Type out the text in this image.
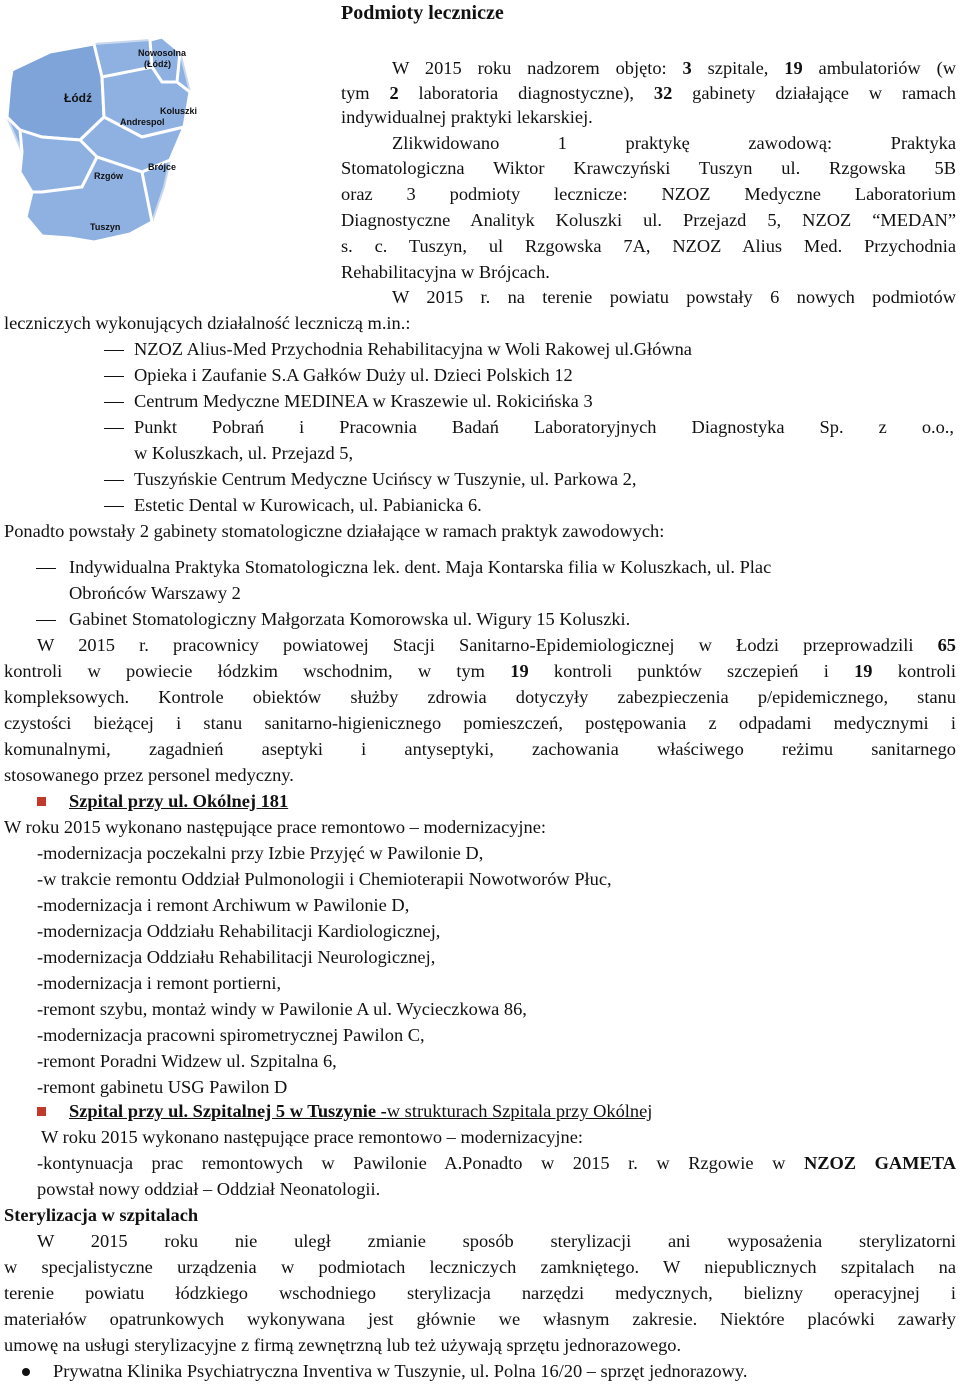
Podmioty lecznicze
Łódź
Nowosolna
(Łódź)
Andrespol
Koluszki
Brójce
Rzgów
Tuszyn
W 2015 roku nadzorem objęto: 3 szpitale, 19 ambulatoriów (w
tym 2 laboratoria diagnostyczne), 32 gabinety działające w ramach
indywidualnej praktyki lekarskiej.
Zlikwidowano 1 praktykę zawodową: Praktyka
Stomatologiczna Wiktor Krawczyński Tuszyn ul. Rzgowska 5B
oraz 3 podmioty lecznicze: NZOZ Medyczne Laboratorium
Diagnostyczne Analityk Koluszki ul. Przejazd 5, NZOZ “MEDAN”
s. c. Tuszyn, ul Rzgowska 7A, NZOZ Alius Med. Przychodnia
Rehabilitacyjna w Brójcach.
W 2015 r. na terenie powiatu powstały 6 nowych podmiotów
leczniczych wykonujących działalność leczniczą m.in.:
NZOZ Alius-Med Przychodnia Rehabilitacyjna w Woli Rakowej ul.Główna
Opieka i Zaufanie S.A Gałków Duży ul. Dzieci Polskich 12
Centrum Medyczne MEDINEA w Kraszewie ul. Rokicińska 3
Punkt Pobrań i Pracownia Badań Laboratoryjnych Diagnostyka Sp. z o.o.,
w Koluszkach, ul. Przejazd 5,
Tuszyńskie Centrum Medyczne Ucińscy w Tuszynie, ul. Parkowa 2,
Estetic Dental w Kurowicach, ul. Pabianicka 6.
Ponadto powstały 2 gabinety stomatologiczne działające w ramach praktyk zawodowych:
Indywidualna Praktyka Stomatologiczna lek. dent. Maja Kontarska filia w Koluszkach, ul. Plac
Obrońców Warszawy 2
Gabinet Stomatologiczny Małgorzata Komorowska ul. Wigury 15 Koluszki.
W 2015 r. pracownicy powiatowej Stacji Sanitarno-Epidemiologicznej w Łodzi przeprowadzili 65
kontroli w powiecie łódzkim wschodnim, w tym 19 kontroli punktów szczepień i 19 kontroli
kompleksowych. Kontrole obiektów służby zdrowia dotyczyły zabezpieczenia p/epidemicznego, stanu
czystości bieżącej i stanu sanitarno-higienicznego pomieszczeń, postępowania z odpadami medycznymi i
komunalnymi, zagadnień aseptyki i antyseptyki, zachowania właściwego reżimu sanitarnego
stosowanego przez personel medyczny.
Szpital przy ul. Okólnej 181
W roku 2015 wykonano następujące prace remontowo – modernizacyjne:
-modernizacja poczekalni przy Izbie Przyjęć w Pawilonie D,
-w trakcie remontu Oddział Pulmonologii i Chemioterapii Nowotworów Płuc,
-modernizacja i remont Archiwum w Pawilonie D,
-modernizacja Oddziału Rehabilitacji Kardiologicznej,
-modernizacja Oddziału Rehabilitacji Neurologicznej,
-modernizacja i remont portierni,
-remont szybu, montaż windy w Pawilonie A ul. Wycieczkowa 86,
-modernizacja pracowni spirometrycznej Pawilon C,
-remont Poradni Widzew ul. Szpitalna 6,
-remont gabinetu USG Pawilon D
Szpital przy ul. Szpitalnej 5 w Tuszynie -w strukturach Szpitala przy Okólnej
W roku 2015 wykonano następujące prace remontowo – modernizacyjne:
-kontynuacja prac remontowych w Pawilonie A.Ponadto w 2015 r. w Rzgowie w NZOZ GAMETA
powstał nowy oddział – Oddział Neonatologii.
Sterylizacja w szpitalach
W 2015 roku nie uległ zmianie sposób sterylizacji ani wyposażenia sterylizatorni
w specjalistyczne urządzenia w podmiotach leczniczych zamkniętego. W niepublicznych szpitalach na
terenie powiatu łódzkiego wschodniego sterylizacja narzędzi medycznych, bielizny operacyjnej i
materiałów opatrunkowych wykonywana jest głównie we własnym zakresie. Niektóre placówki zawarły
umowę na usługi sterylizacyjne z firmą zewnętrzną lub też używają sprzętu jednorazowego.
Prywatna Klinika Psychiatryczna Inventiva w Tuszynie, ul. Polna 16/20 – sprzęt jednorazowy.
